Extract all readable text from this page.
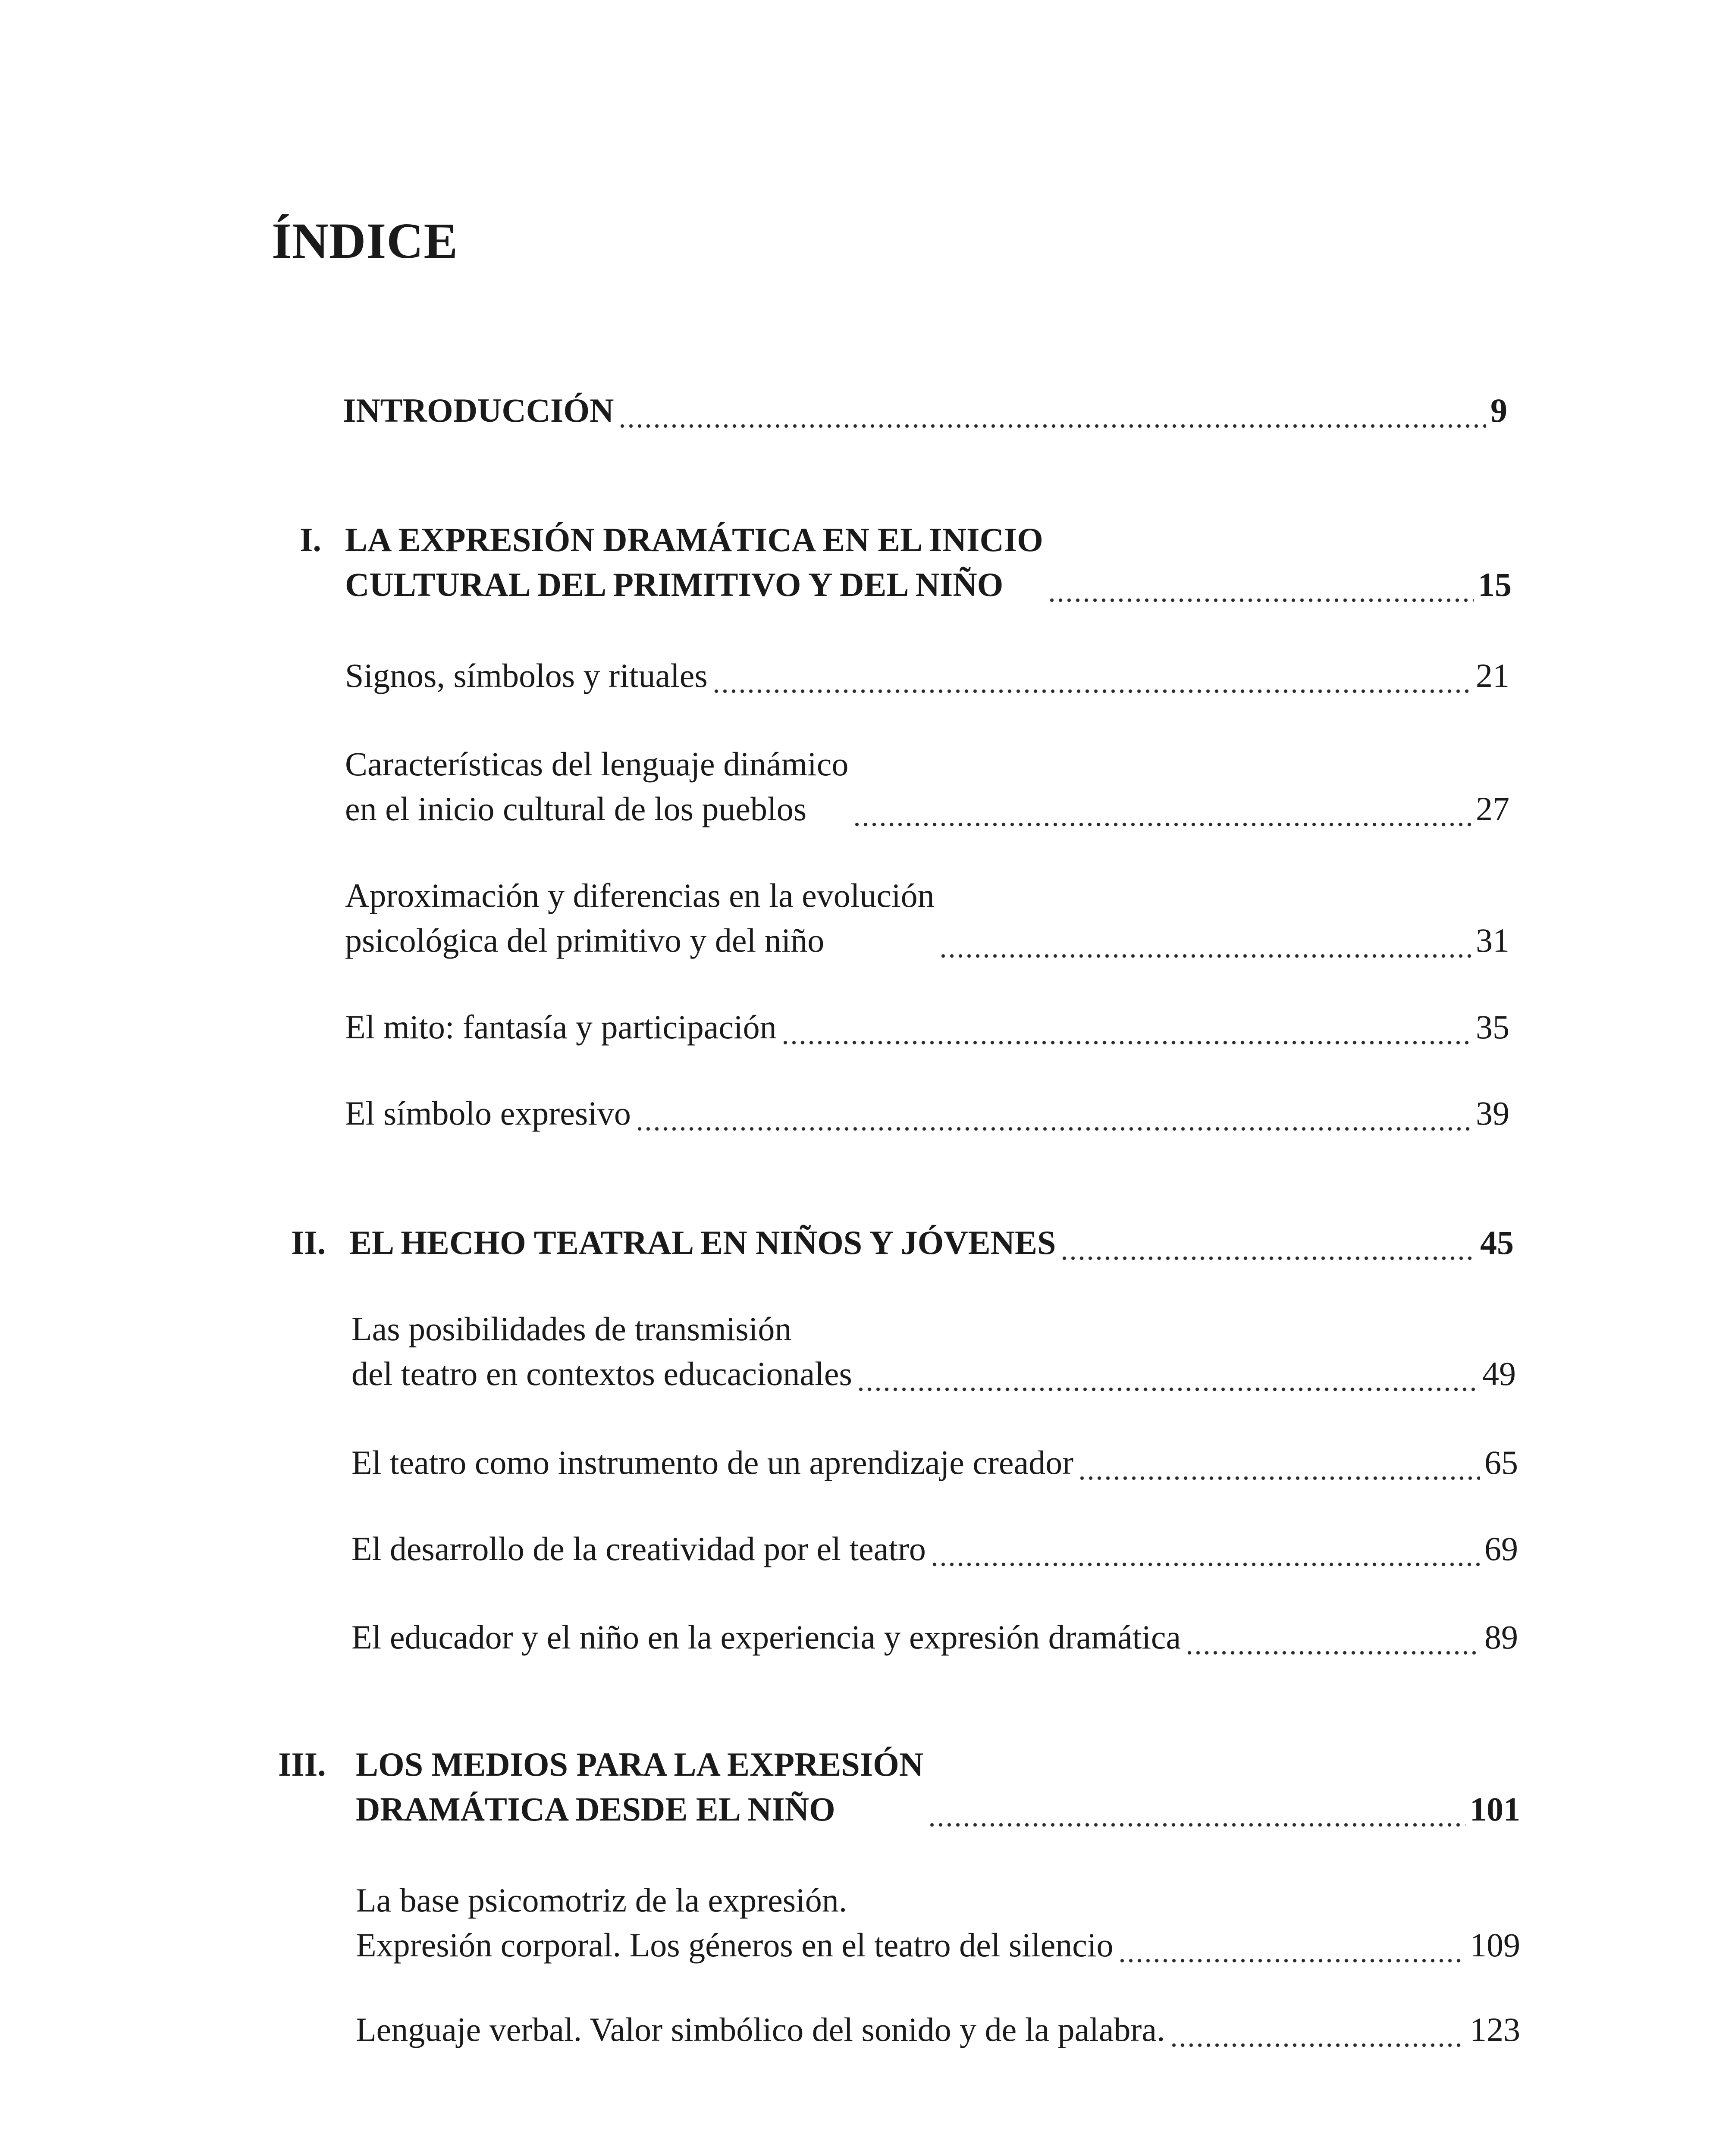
ÍNDICE
INTRODUCCIÓN	9
I. LA EXPRESIÓN DRAMÁTICA EN EL INICIO
CULTURAL DEL PRIMITIVO Y DEL NIÑO	15
Signos, símbolos y rituales	21
Características del lenguaje dinámico
en el inicio cultural de los pueblos	27
Aproximación y diferencias en la evolución
psicológica del primitivo y del niño	31
El mito: fantasía y participación	35
El símbolo expresivo	39
II. EL HECHO TEATRAL EN NIÑOS Y JÓVENES	45
Las posibilidades de transmisión
del teatro en contextos educacionales	49
El teatro como instrumento de un aprendizaje creador	65
El desarrollo de la creatividad por el teatro	69
El educador y el niño en la experiencia y expresión dramática	89
III. LOS MEDIOS PARA LA EXPRESIÓN
DRAMÁTICA DESDE EL NIÑO	101
La base psicomotriz de la expresión.
Expresión corporal. Los géneros en el teatro del silencio	109
Lenguaje verbal. Valor simbólico del sonido y de la palabra.	123
